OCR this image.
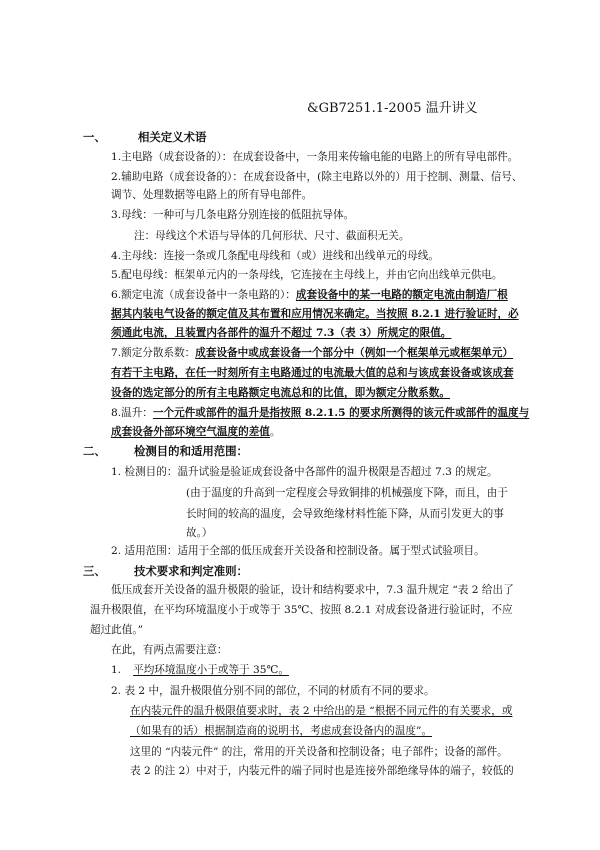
&GB7251.1-2005 温升讲义
一、	相关定义术语
1.主电路（成套设备的）：在成套设备中，一条用来传输电能的电路上的所有导电部件。
2.辅助电路（成套设备的）：在成套设备中，(除主电路以外的）用于控制、测量、信号、
调节、处理数据等电路上的所有导电部件。
3.母线：一种可与几条电路分别连接的低阻抗导体。
注：母线这个术语与导体的几何形状、尺寸、截面积无关。
4.主母线：连接一条或几条配电母线和（或）进线和出线单元的母线。
5.配电母线：框架单元内的一条母线，它连接在主母线上，并由它向出线单元供电。
6.额定电流（成套设备中一条电路的）：成套设备中的某一电路的额定电流由制造厂根
据其内装电气设备的额定值及其布置和应用情况来确定。当按照 8.2.1 进行验证时，必
须通此电流，且装置内各部件的温升不超过 7.3（表 3）所规定的限值。
7.额定分散系数：成套设备中或成套设备一个部分中（例如一个框架单元或框架单元）
有若干主电路，在任一时刻所有主电路通过的电流最大值的总和与该成套设备或该成套
设备的选定部分的所有主电路额定电流总和的比值，即为额定分散系数。
8.温升：一个元件或部件的温升是指按照 8.2.1.5 的要求所测得的该元件或部件的温度与
成套设备外部环境空气温度的差值。
二、 检测目的和适用范围：
1. 检测目的：温升试验是验证成套设备中各部件的温升极限是否超过 7.3 的规定。
(由于温度的升高到一定程度会导致铜排的机械强度下降，而且，由于
长时间的较高的温度，会导致绝缘材料性能下降，从而引发更大的事
故。）
2. 适用范围：适用于全部的低压成套开关设备和控制设备。属于型式试验项目。
三、 技术要求和判定准则：
低压成套开关设备的温升极限的验证，设计和结构要求中，7.3 温升规定 “表 2 给出了
温升极限值，在平均环境温度小于或等于 35℃、按照 8.2.1 对成套设备进行验证时，不应
超过此值。”
在此，有两点需要注意：
1. 平均环境温度小于或等于 35℃。
2. 表 2 中，温升极限值分别不同的部位，不同的材质有不同的要求。
在内装元件的温升极限值要求时，表 2 中给出的是 “根据不同元件的有关要求，或
（如果有的话）根据制造商的说明书，考虑成套设备内的温度”。
这里的 “内装元件” 的注，常用的开关设备和控制设备；电子部件；设备的部件。
表 2 的注 2）中对于，内装元件的端子同时也是连接外部绝缘导体的端子，较低的
